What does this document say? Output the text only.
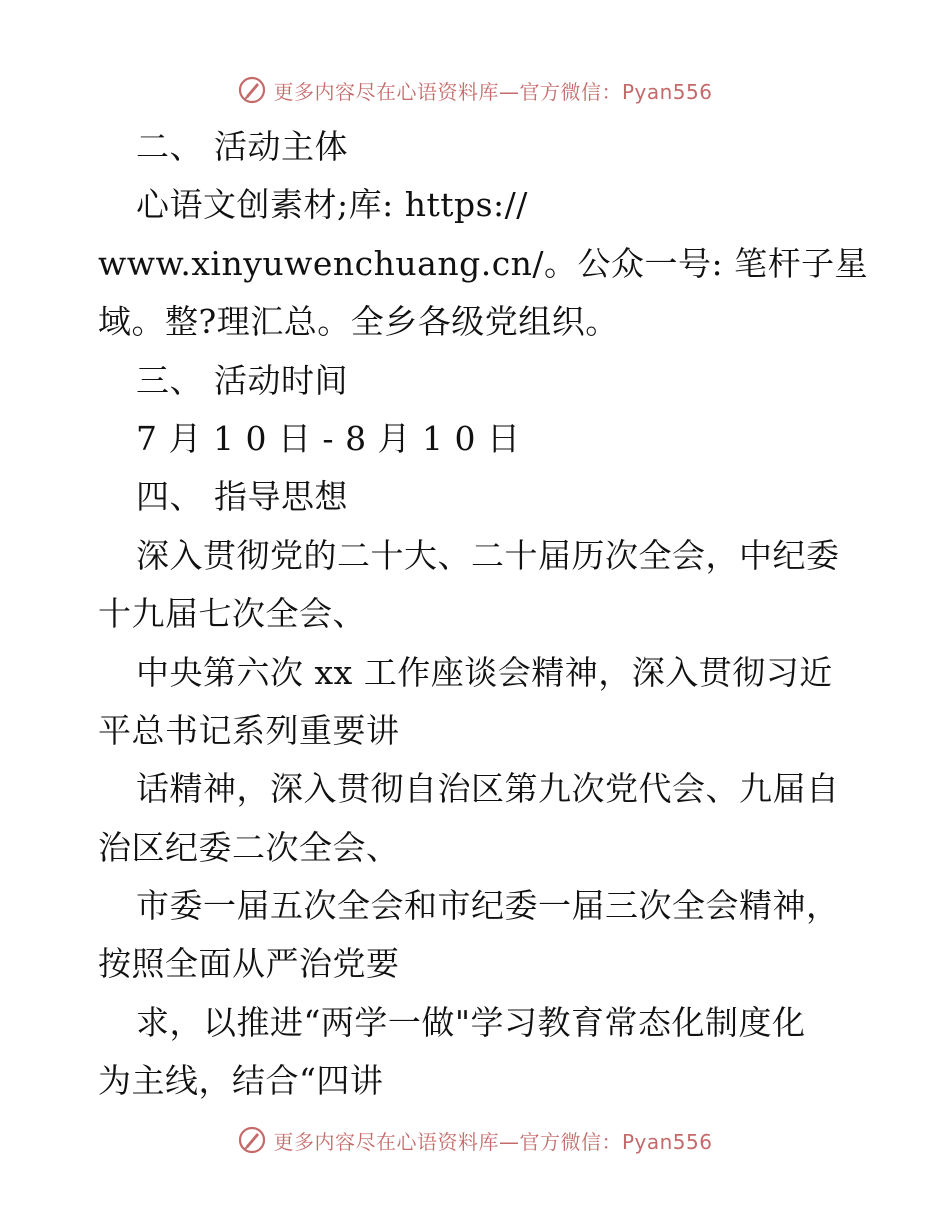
更多内容尽在心语资料库—官方微信：Pyan556
二、 活动主体
心语文创素材;库: https://
www.xinyuwenchuang.cn/。公众一号: 笔杆子星
域。整?理汇总。全乡各级党组织。
三、 活动时间
7 月 1 0 日 - 8 月 1 0 日
四、 指导思想
深入贯彻党的二十大、二十届历次全会，中纪委
十九届七次全会、
中央第六次 xx 工作座谈会精神，深入贯彻习近
平总书记系列重要讲
话精神，深入贯彻自治区第九次党代会、九届自
治区纪委二次全会、
市委一届五次全会和市纪委一届三次全会精神，
按照全面从严治党要
求，以推进“两学一做"学习教育常态化制度化
为主线，结合“四讲
更多内容尽在心语资料库—官方微信：Pyan556
